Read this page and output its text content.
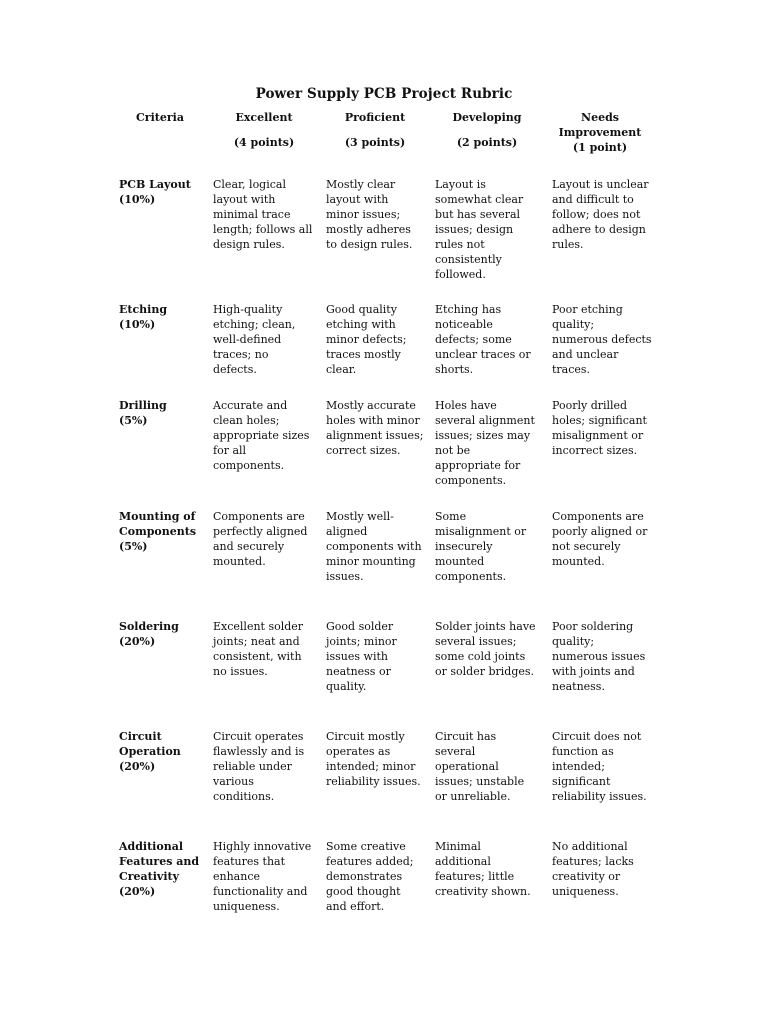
Power Supply PCB Project Rubric
Criteria	Excellent
(4 points)
Proficient
(3 points)
Developing
(2 points)
Needs
Improvement
(1 point)
PCB Layout
(10%)
Clear, logical layout with minimal trace length; follows all design rules.
Mostly clear layout with minor issues; mostly adheres to design rules.
Layout is somewhat clear but has several issues; design rules not consistently followed.
Layout is unclear and difficult to follow; does not adhere to design rules.
Etching
(10%)
High-quality etching; clean, well-defined traces; no defects.
Good quality etching with minor defects; traces mostly clear.
Etching has noticeable defects; some unclear traces or shorts.
Poor etching quality; numerous defects and unclear traces.
Drilling
(5%)
Accurate and clean holes; appropriate sizes for all components.
Mostly accurate holes with minor alignment issues; correct sizes.
Holes have several alignment issues; sizes may not be appropriate for components.
Poorly drilled holes; significant misalignment or incorrect sizes.
Mounting of Components
(5%)
Components are perfectly aligned and securely mounted.
Mostly well-aligned components with minor mounting issues.
Some misalignment or insecurely mounted components.
Components are poorly aligned or not securely mounted.
Soldering
(20%)
Excellent solder joints; neat and consistent, with no issues.
Good solder joints; minor issues with neatness or quality.
Solder joints have several issues; some cold joints or solder bridges.
Poor soldering quality; numerous issues with joints and neatness.
Circuit Operation
(20%)
Circuit operates flawlessly and is reliable under various conditions.
Circuit mostly operates as intended; minor reliability issues.
Circuit has several operational issues; unstable or unreliable.
Circuit does not function as intended; significant reliability issues.
Additional Features and Creativity
(20%)
Highly innovative features that enhance functionality and uniqueness.
Some creative features added; demonstrates good thought and effort.
Minimal additional features; little creativity shown.
No additional features; lacks creativity or uniqueness.
